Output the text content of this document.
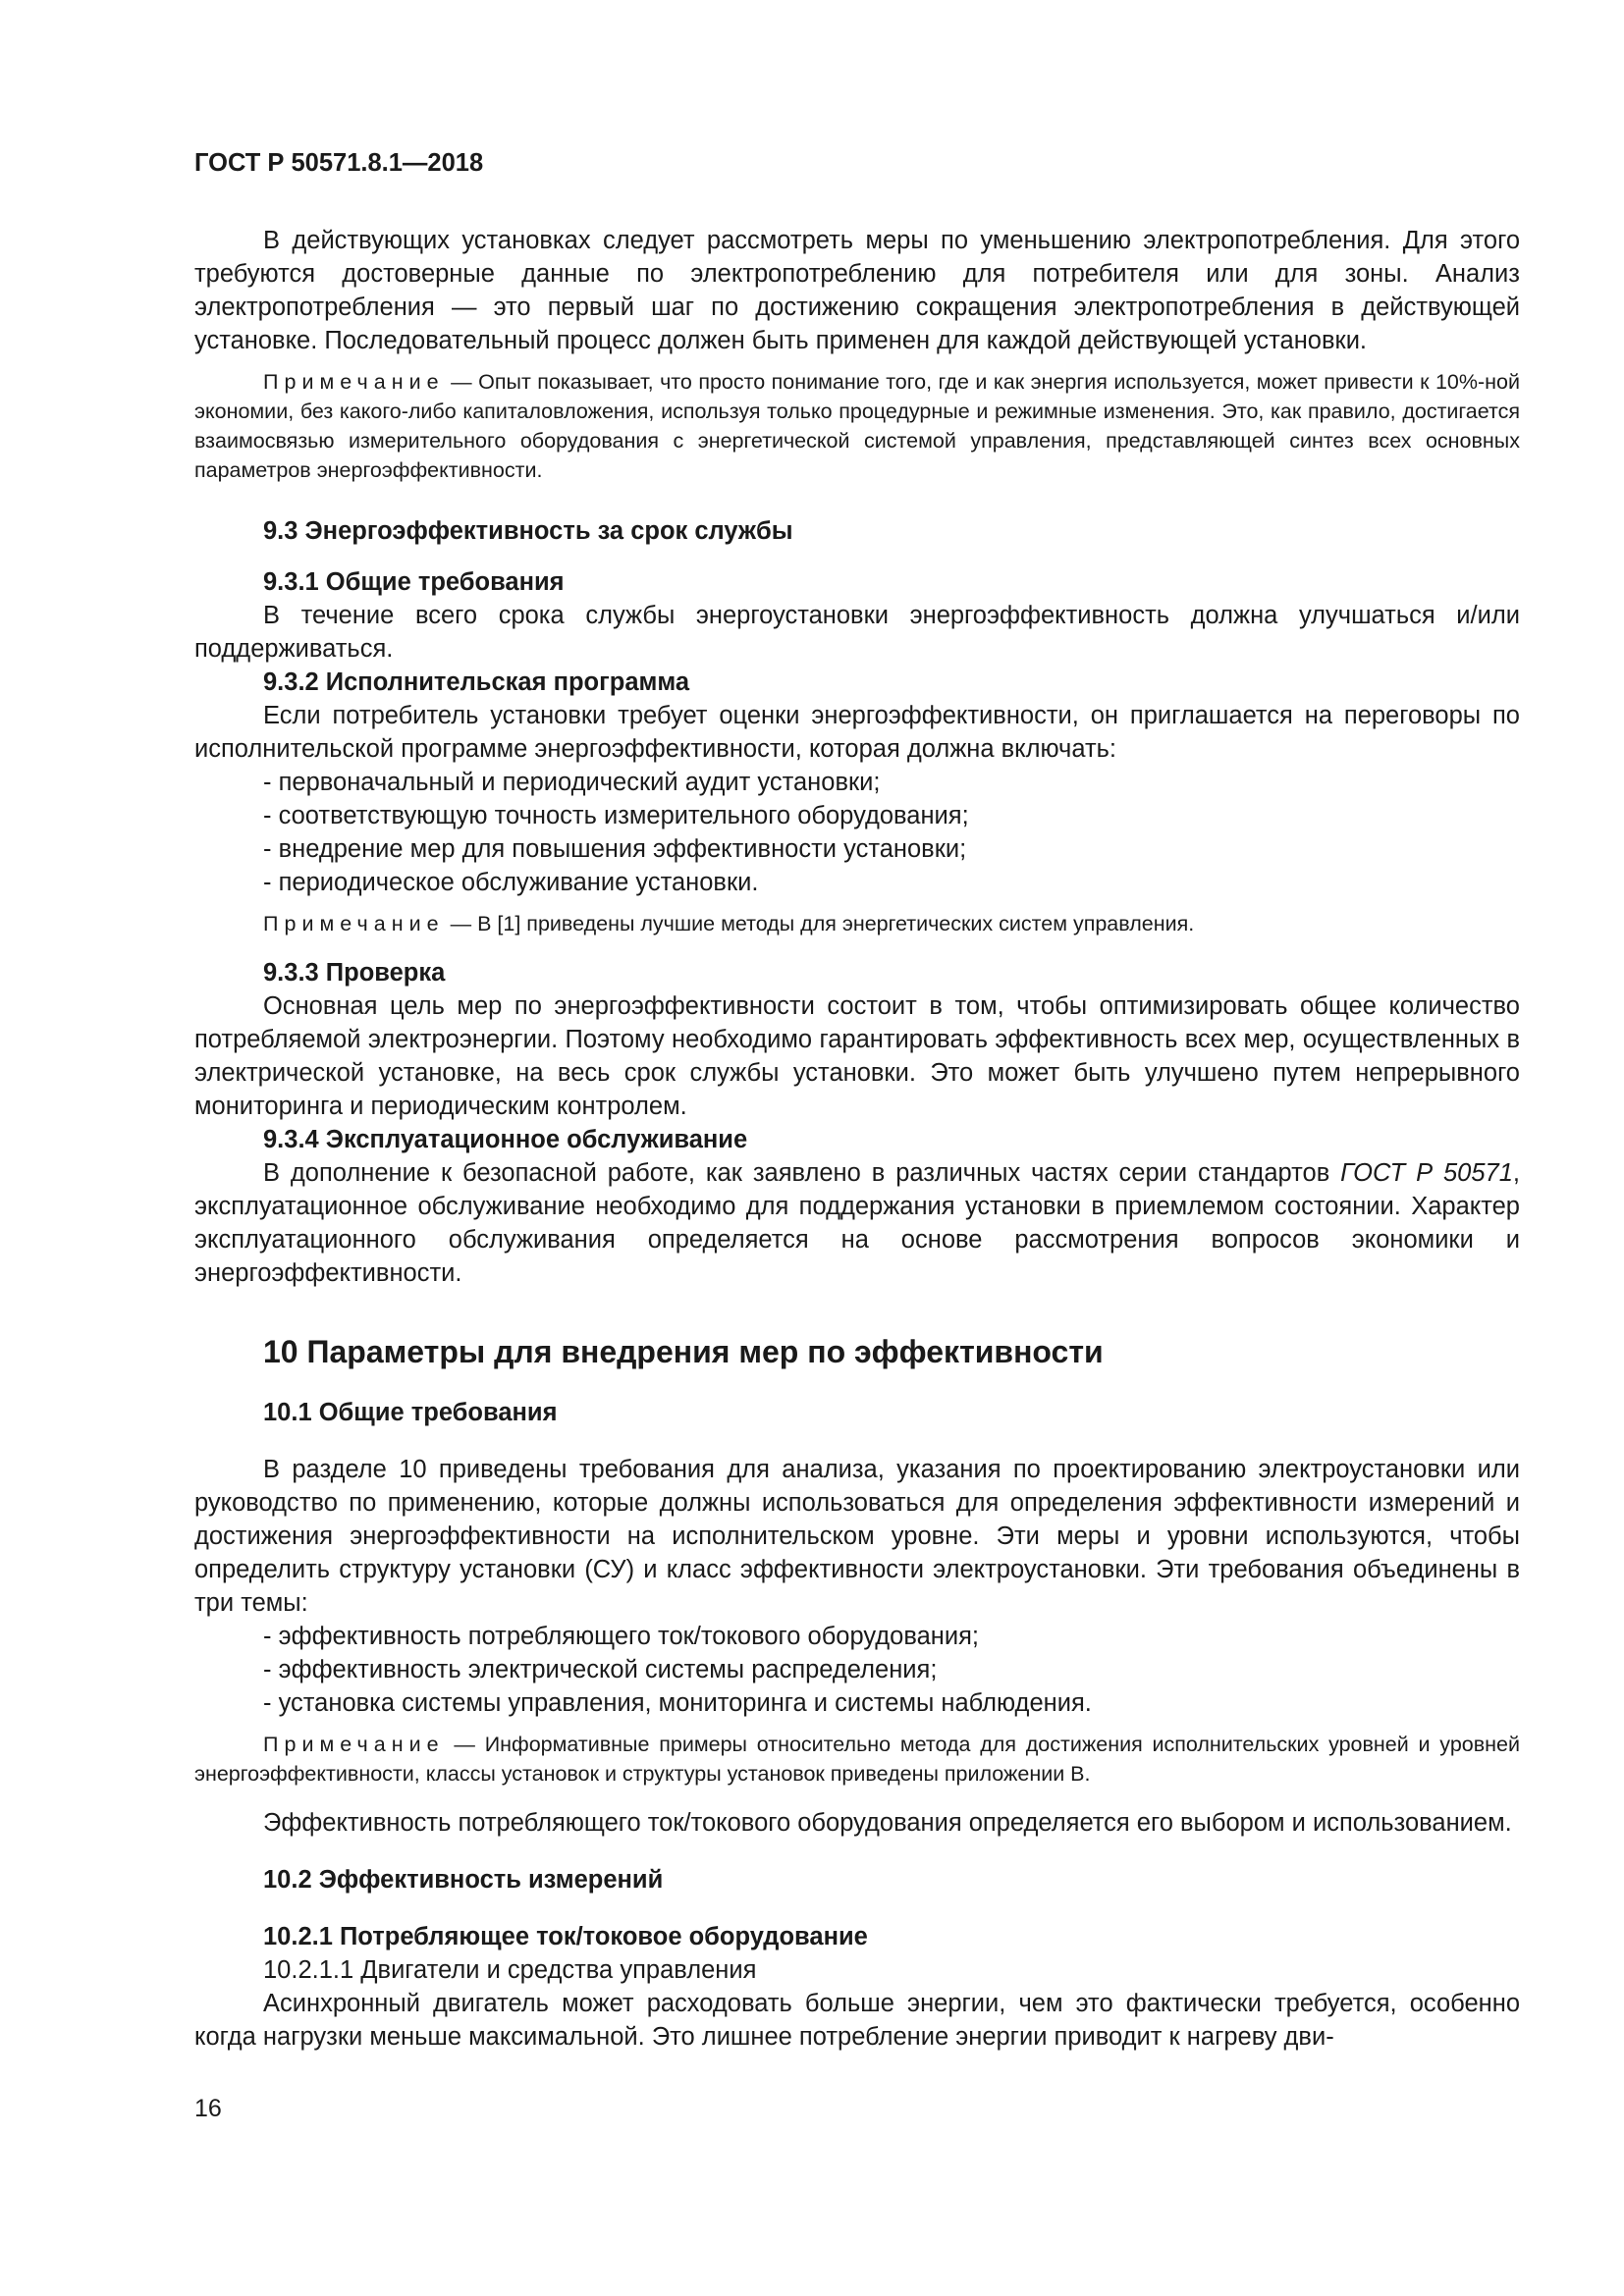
ГОСТ Р 50571.8.1—2018

В действующих установках следует рассмотреть меры по уменьшению электропотребления. Для этого требуются достоверные данные по электропотреблению для потребителя или для зоны. Анализ электропотребления — это первый шаг по достижению сокращения электропотребления в действующей установке. Последовательный процесс должен быть применен для каждой действующей установки.

Примечание — Опыт показывает, что просто понимание того, где и как энергия используется, может привести к 10%-ной экономии, без какого-либо капиталовложения, используя только процедурные и режимные изменения. Это, как правило, достигается взаимосвязью измерительного оборудования с энергетической системой управления, представляющей синтез всех основных параметров энергоэффективности.

9.3 Энергоэффективность за срок службы
9.3.1 Общие требования

В течение всего срока службы энергоустановки энергоэффективность должна улучшаться и/или поддерживаться.

9.3.2 Исполнительская программа

Если потребитель установки требует оценки энергоэффективности, он приглашается на переговоры по исполнительской программе энергоэффективности, которая должна включать:

- первоначальный и периодический аудит установки;
- соответствующую точность измерительного оборудования;
- внедрение мер для повышения эффективности установки;
- периодическое обслуживание установки.

Примечание — В [1] приведены лучшие методы для энергетических систем управления.

9.3.3 Проверка

Основная цель мер по энергоэффективности состоит в том, чтобы оптимизировать общее количество потребляемой электроэнергии. Поэтому необходимо гарантировать эффективность всех мер, осуществленных в электрической установке, на весь срок службы установки. Это может быть улучшено путем непрерывного мониторинга и периодическим контролем.

9.3.4 Эксплуатационное обслуживание

В дополнение к безопасной работе, как заявлено в различных частях серии стандартов ГОСТ Р 50571, эксплуатационное обслуживание необходимо для поддержания установки в приемлемом состоянии. Характер эксплуатационного обслуживания определяется на основе рассмотрения вопросов экономики и энергоэффективности.

10 Параметры для внедрения мер по эффективности
10.1 Общие требования

В разделе 10 приведены требования для анализа, указания по проектированию электроустановки или руководство по применению, которые должны использоваться для определения эффективности измерений и достижения энергоэффективности на исполнительском уровне. Эти меры и уровни используются, чтобы определить структуру установки (СУ) и класс эффективности электроустановки. Эти требования объединены в три темы:

- эффективность потребляющего ток/токового оборудования;
- эффективность электрической системы распределения;
- установка системы управления, мониторинга и системы наблюдения.

Примечание — Информативные примеры относительно метода для достижения исполнительских уровней и уровней энергоэффективности, классы установок и структуры установок приведены приложении В.

Эффективность потребляющего ток/токового оборудования определяется его выбором и использованием.

10.2 Эффективность измерений
10.2.1 Потребляющее ток/токовое оборудование
10.2.1.1 Двигатели и средства управления

Асинхронный двигатель может расходовать больше энергии, чем это фактически требуется, особенно когда нагрузки меньше максимальной. Это лишнее потребление энергии приводит к нагреву дви-

16
